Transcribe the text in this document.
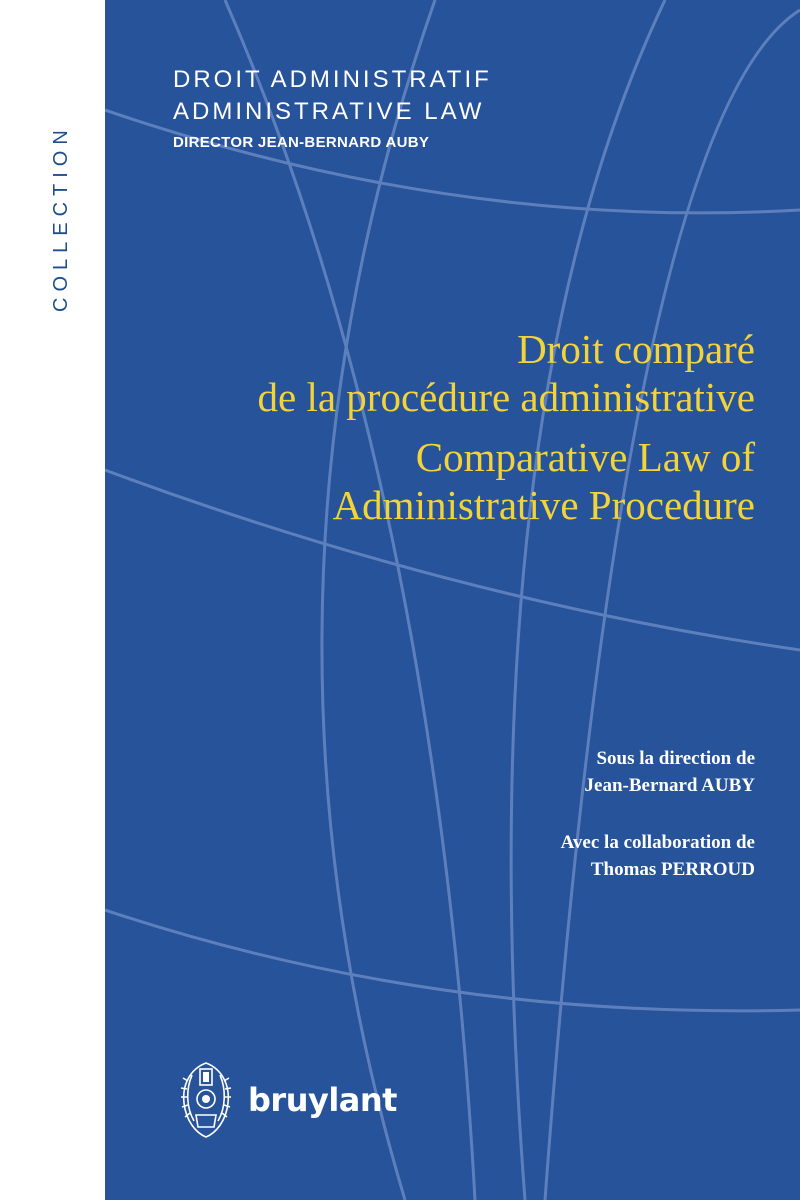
COLLECTION
DROIT ADMINISTRATIF
ADMINISTRATIVE LAW
DIRECTOR JEAN-BERNARD AUBY
Droit comparé
de la procédure administrative
Comparative Law of
Administrative Procedure
Sous la direction de
Jean-Bernard AUBY
Avec la collaboration de
Thomas PERROUD
bruylant
